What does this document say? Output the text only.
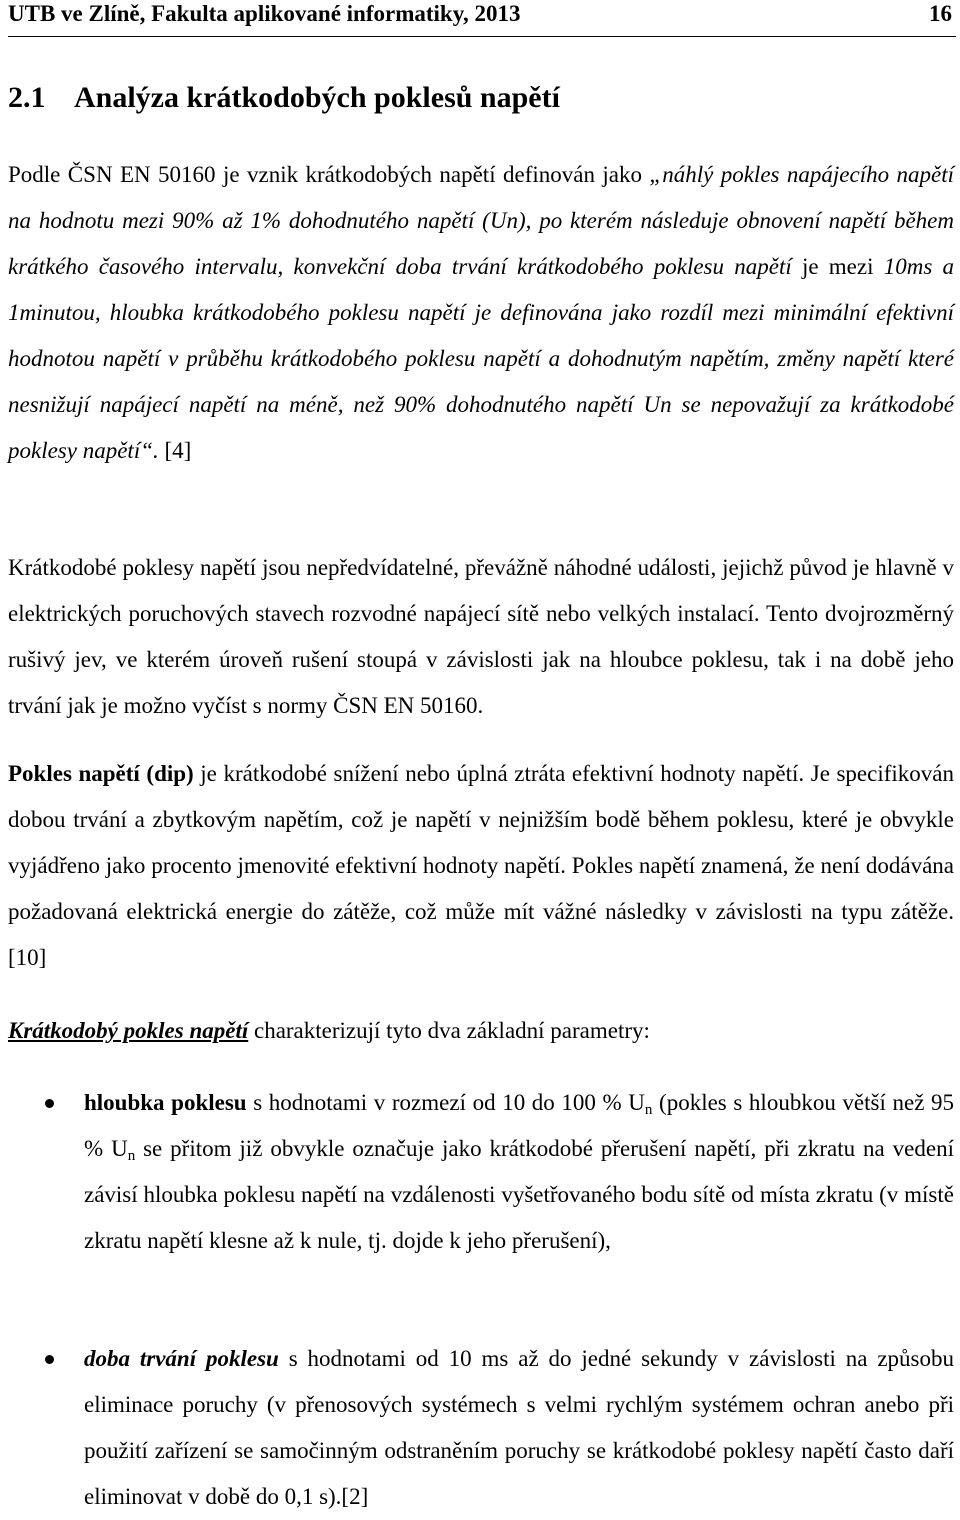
UTB ve Zlíně, Fakulta aplikované informatiky, 2013	16
2.1 Analýza krátkodobých poklesů napětí

Podle ČSN EN 50160 je vznik krátkodobých napětí definován jako „náhlý pokles napájecího napětí na hodnotu mezi 90% až 1% dohodnutého napětí (Un), po kterém následuje obnovení napětí během krátkého časového intervalu, konvekční doba trvání krátkodobého poklesu napětí je mezi 10ms a 1minutou, hloubka krátkodobého poklesu napětí je definována jako rozdíl mezi minimální efektivní hodnotou napětí v průběhu krátkodobého poklesu napětí a dohodnutým napětím, změny napětí které nesnižují napájecí napětí na méně, než 90% dohodnutého napětí Un se nepovažují za krátkodobé poklesy napětí“. [4]

Krátkodobé poklesy napětí jsou nepředvídatelné, převážně náhodné události, jejichž původ je hlavně v elektrických poruchových stavech rozvodné napájecí sítě nebo velkých instalací. Tento dvojrozměrný rušivý jev, ve kterém úroveň rušení stoupá v závislosti jak na hloubce poklesu, tak i na době jeho trvání jak je možno vyčíst s normy ČSN EN 50160.

Pokles napětí (dip) je krátkodobé snížení nebo úplná ztráta efektivní hodnoty napětí. Je specifikován dobou trvání a zbytkovým napětím, což je napětí v nejnižším bodě během poklesu, které je obvykle vyjádřeno jako procento jmenovité efektivní hodnoty napětí. Pokles napětí znamená, že není dodávána požadovaná elektrická energie do zátěže, což může mít vážné následky v závislosti na typu zátěže. [10]

Krátkodobý pokles napětí charakterizují tyto dva základní parametry:

hloubka poklesu s hodnotami v rozmezí od 10 do 100 % $U_n$ (pokles s hloubkou větší než 95 % $U_n$ se přitom již obvykle označuje jako krátkodobé přerušení napětí, při zkratu na vedení závisí hloubka poklesu napětí na vzdálenosti vyšetřovaného bodu sítě od místa zkratu (v místě zkratu napětí klesne až k nule, tj. dojde k jeho přerušení),

doba trvání poklesu s hodnotami od 10 ms až do jedné sekundy v závislosti na způsobu eliminace poruchy (v přenosových systémech s velmi rychlým systémem ochran anebo při použití zařízení se samočinným odstraněním poruchy se krátkodobé poklesy napětí často daří eliminovat v době do 0,1 s).[2]
